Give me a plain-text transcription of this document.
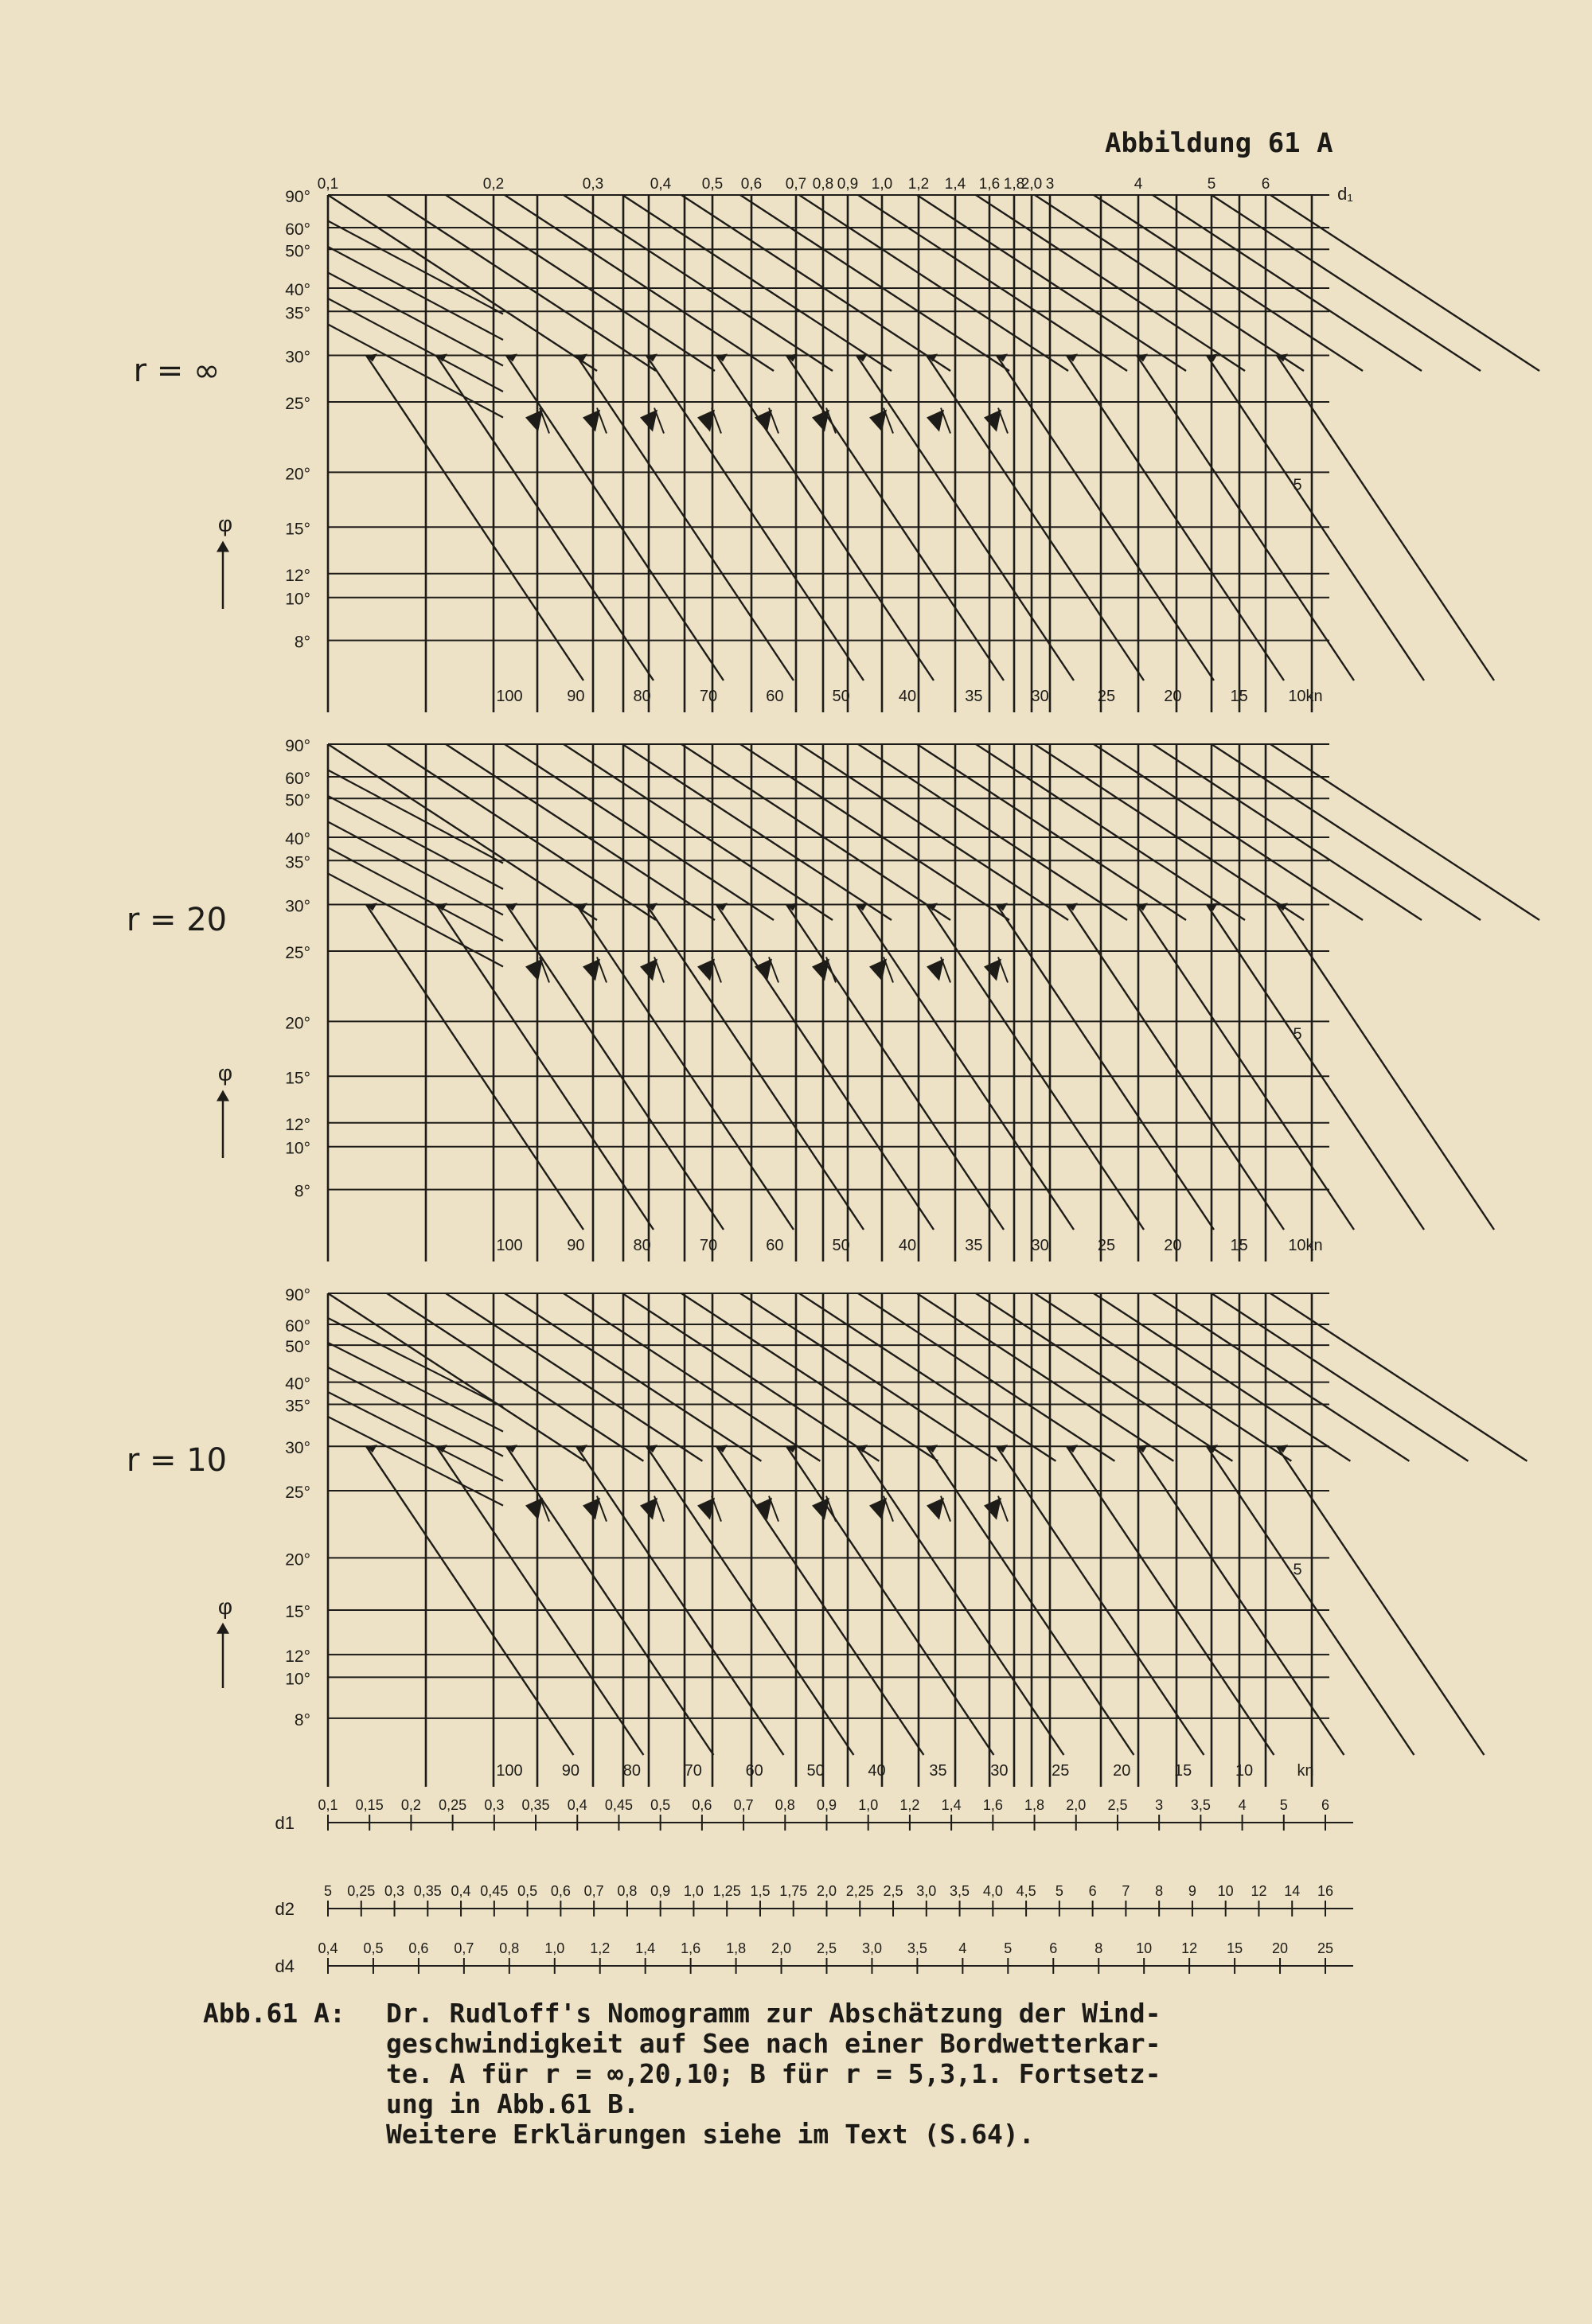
Abbildung 61 A
90°
60°
50°
40°
35°
30°
25°
20°
15°
12°
10°
8°
r = ∞
φ
100	90	80	70	60	50	40	35	30	25	20	15	10kn
5
0,1	0,2	0,3	0,4 0,5 0,6 0,7 0,8 0,9 1,0 1,2 1,4 1,6 1,8
2,0 3	4	5	6	d₁
90°
60°
50°
40°
35°
30°
25°
20°
15°
12°
10°
8°
r = 20
φ
100	90	80	70	60	50	40	35	30	25	20	15	10kn
5
90°
60°
50°
40°
35°
30°
25°
20°
15°
12°
10°
8°
r = 10
φ
100 90	80	70	60	50	40	35	30	25	20	15	10	kn
5
d1
0,1 0,15 0,2 0,25 0,3 0,35 0,4 0,45 0,5 0,6 0,7 0,8 0,9 1,0 1,2 1,4 1,6 1,8 2,0 2,5 3 3,5 4 5 6
d2
5 0,25 0,3 0,35 0,4 0,45 0,5 0,6 0,7 0,8 0,9 1,0 1,25 1,5 1,75 2,0 2,25 2,5 3,0 3,5 4,0 4,5 5 6 7 8 9 10 12 14 16
d4
0,4 0,5 0,6 0,7 0,8 1,0 1,2 1,4 1,6 1,8 2,0 2,5 3,0 3,5 4	5	6	8 10 12 15 20 25
Abb.61 A: Dr. Rudloff's Nomogramm zur Abschätzung der Wind-
geschwindigkeit auf See nach einer Bordwetterkar-
te. A für r = ∞,20,10; B für r = 5,3,1. Fortsetz-
ung in Abb.61 B.
Weitere Erklärungen siehe im Text (S.64).
